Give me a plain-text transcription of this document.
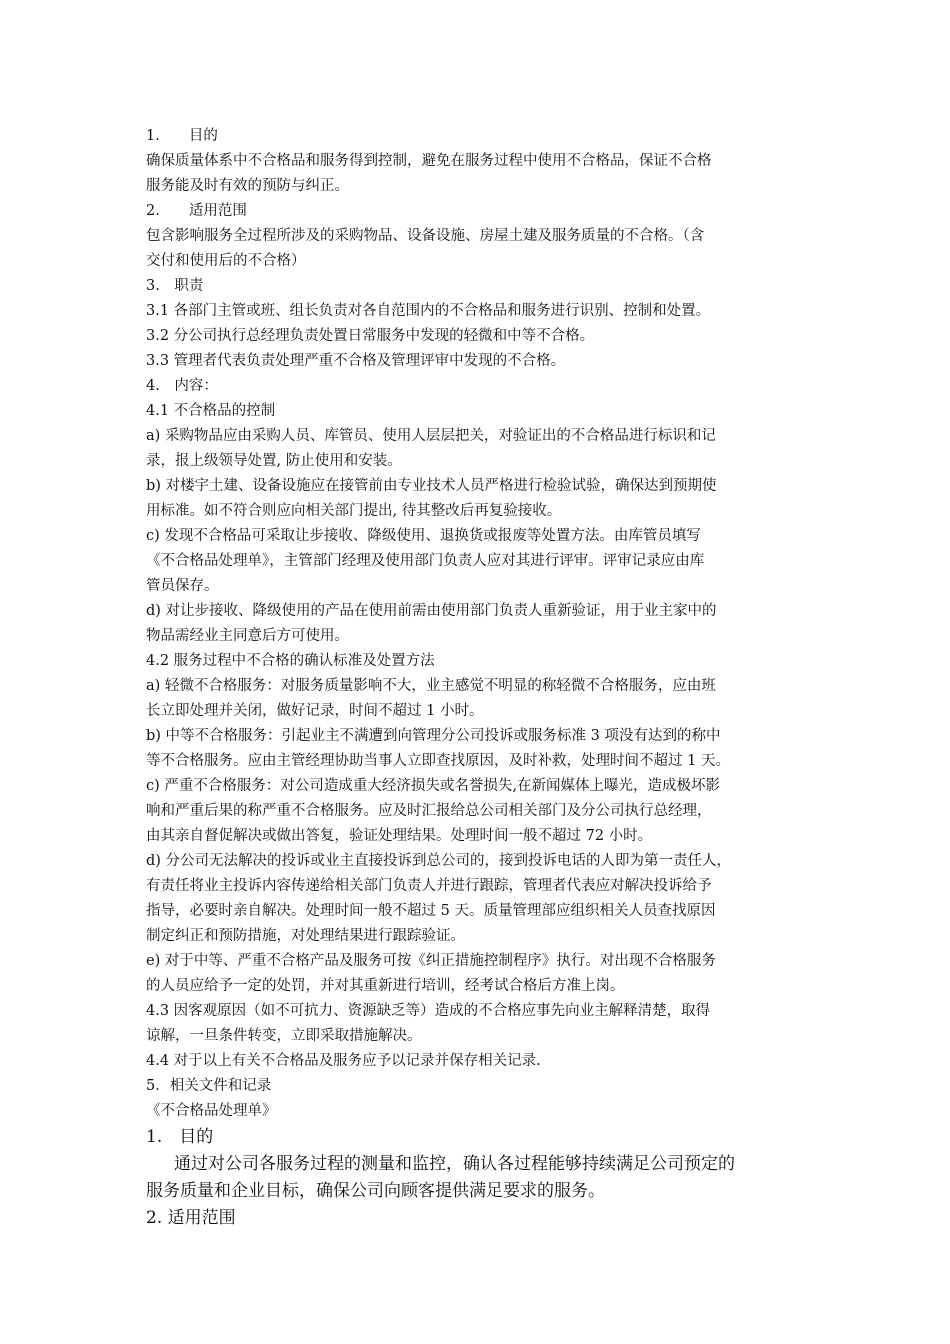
1.　　目的
确保质量体系中不合格品和服务得到控制，避免在服务过程中使用不合格品，保证不合格
服务能及时有效的预防与纠正。
2.　　适用范围
包含影响服务全过程所涉及的采购物品、设备设施、房屋土建及服务质量的不合格。（含
交付和使用后的不合格）
3.　职责
3.1 各部门主管或班、组长负责对各自范围内的不合格品和服务进行识别、控制和处置。
3.2 分公司执行总经理负责处置日常服务中发现的轻微和中等不合格。
3.3 管理者代表负责处理严重不合格及管理评审中发现的不合格。
4.　内容：
4.1 不合格品的控制
a) 采购物品应由采购人员、库管员、使用人层层把关，对验证出的不合格品进行标识和记
录，报上级领导处置, 防止使用和安装。
b) 对楼宇土建、设备设施应在接管前由专业技术人员严格进行检验试验，确保达到预期使
用标准。如不符合则应向相关部门提出, 待其整改后再复验接收。
c) 发现不合格品可采取让步接收、降级使用、退换货或报废等处置方法。由库管员填写
《不合格品处理单》，主管部门经理及使用部门负责人应对其进行评审。评审记录应由库
管员保存。
d) 对让步接收、降级使用的产品在使用前需由使用部门负责人重新验证，用于业主家中的
物品需经业主同意后方可使用。
4.2 服务过程中不合格的确认标准及处置方法
a) 轻微不合格服务：对服务质量影响不大，业主感觉不明显的称轻微不合格服务，应由班
长立即处理并关闭，做好记录，时间不超过 1 小时。
b) 中等不合格服务：引起业主不满遭到向管理分公司投诉或服务标准 3 项没有达到的称中
等不合格服务。应由主管经理协助当事人立即查找原因，及时补救，处理时间不超过 1 天。
c) 严重不合格服务：对公司造成重大经济损失或名誉损失,在新闻媒体上曝光，造成极坏影
响和严重后果的称严重不合格服务。应及时汇报给总公司相关部门及分公司执行总经理，
由其亲自督促解决或做出答复，验证处理结果。处理时间一般不超过 72 小时。
d) 分公司无法解决的投诉或业主直接投诉到总公司的，接到投诉电话的人即为第一责任人，
有责任将业主投诉内容传递给相关部门负责人并进行跟踪，管理者代表应对解决投诉给予
指导，必要时亲自解决。处理时间一般不超过 5 天。质量管理部应组织相关人员查找原因
制定纠正和预防措施，对处理结果进行跟踪验证。
e) 对于中等、严重不合格产品及服务可按《纠正措施控制程序》执行。对出现不合格服务
的人员应给予一定的处罚，并对其重新进行培训，经考试合格后方准上岗。
4.3 因客观原因（如不可抗力、资源缺乏等）造成的不合格应事先向业主解释清楚，取得
谅解，一旦条件转变，立即采取措施解决。
4.4 对于以上有关不合格品及服务应予以记录并保存相关记录.
5．相关文件和记录
《不合格品处理单》
1.　目的
通过对公司各服务过程的测量和监控，确认各过程能够持续满足公司预定的
服务质量和企业目标，确保公司向顾客提供满足要求的服务。
2. 适用范围
